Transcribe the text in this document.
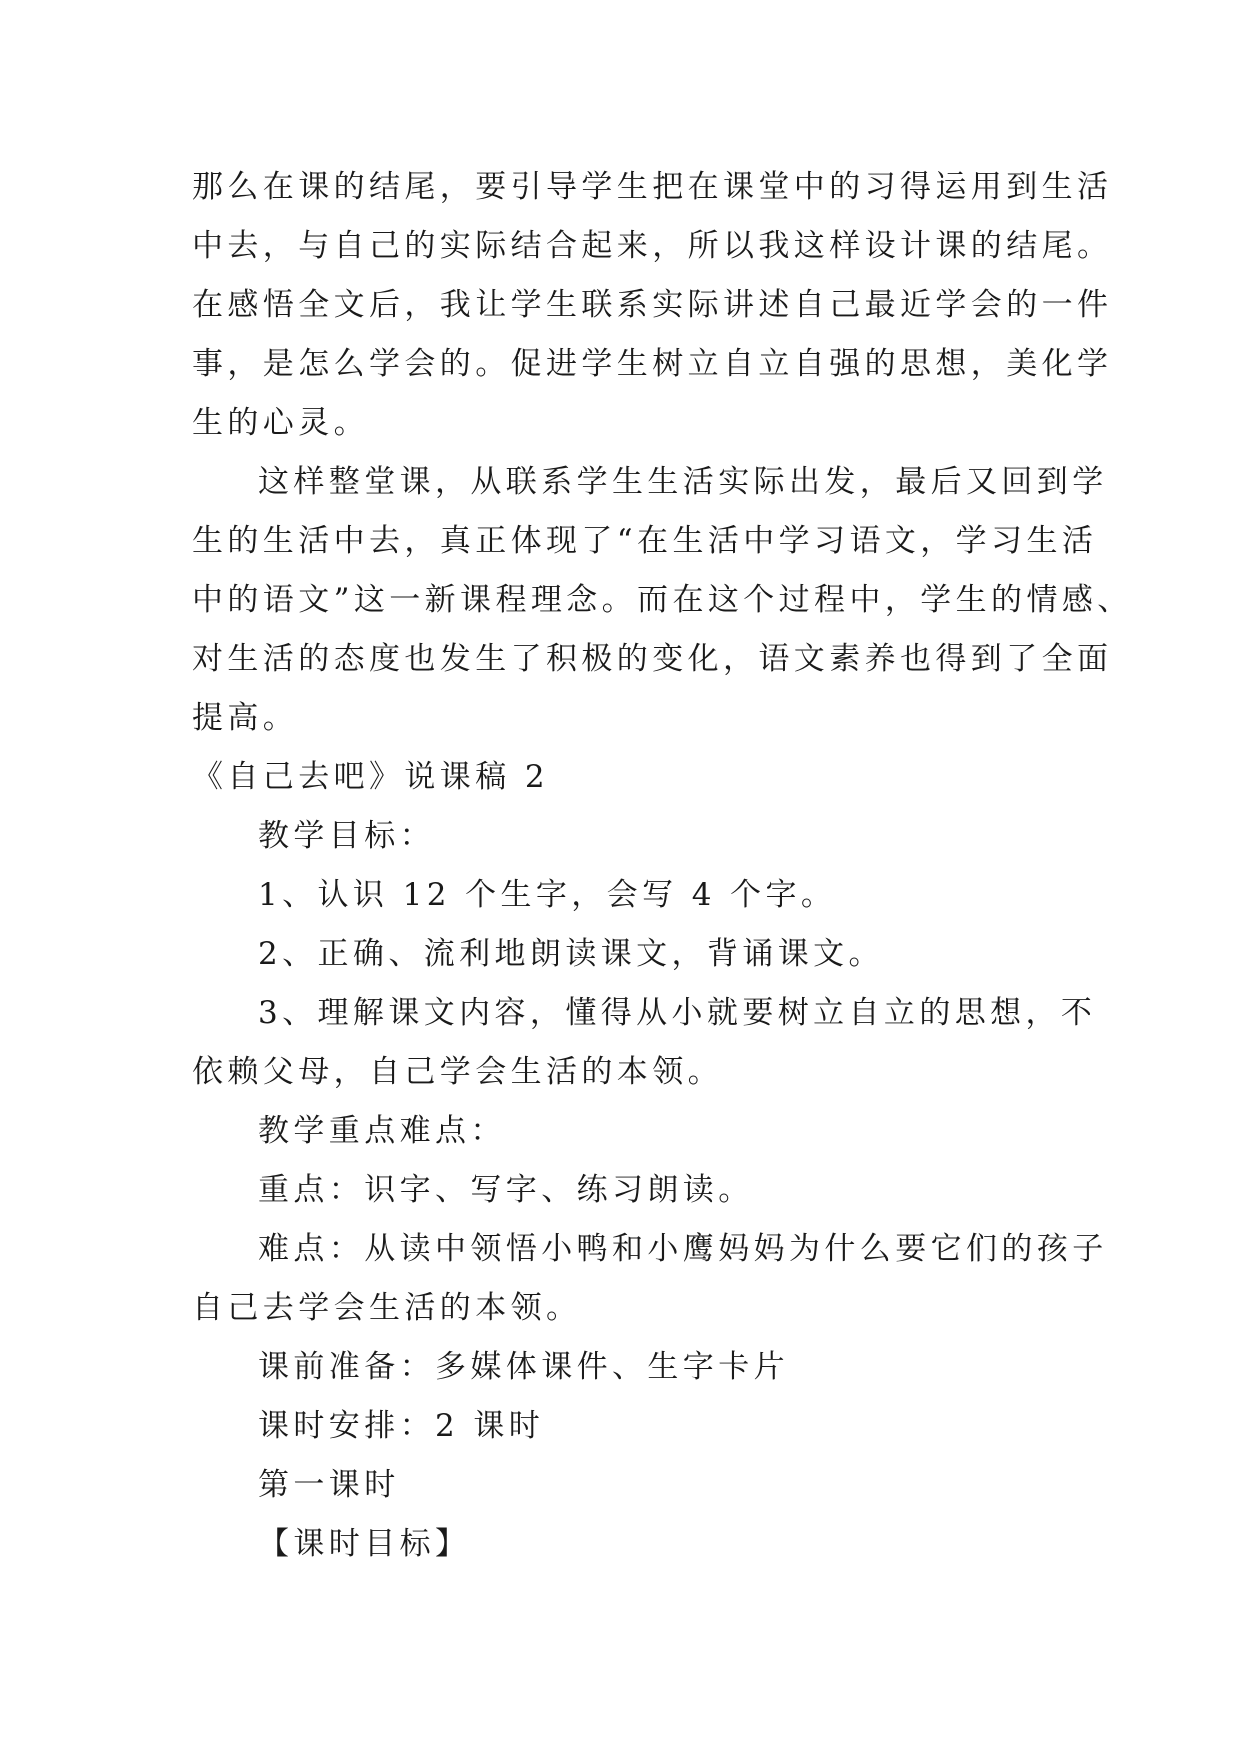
那么在课的结尾，要引导学生把在课堂中的习得运用到生活

中去，与自己的实际结合起来，所以我这样设计课的结尾。

在感悟全文后，我让学生联系实际讲述自己最近学会的一件

事，是怎么学会的。促进学生树立自立自强的思想，美化学

生的心灵。

这样整堂课，从联系学生生活实际出发，最后又回到学

生的生活中去，真正体现了“在生活中学习语文，学习生活

中的语文”这一新课程理念。而在这个过程中，学生的情感、

对生活的态度也发生了积极的变化，语文素养也得到了全面

提高。

《自己去吧》说课稿 2

教学目标：

1、认识 12 个生字，会写 4 个字。

2、正确、流利地朗读课文，背诵课文。

3、理解课文内容，懂得从小就要树立自立的思想，不

依赖父母，自己学会生活的本领。

教学重点难点：

重点：识字、写字、练习朗读。

难点：从读中领悟小鸭和小鹰妈妈为什么要它们的孩子

自己去学会生活的本领。

课前准备：多媒体课件、生字卡片

课时安排：2 课时

第一课时

【课时目标】
